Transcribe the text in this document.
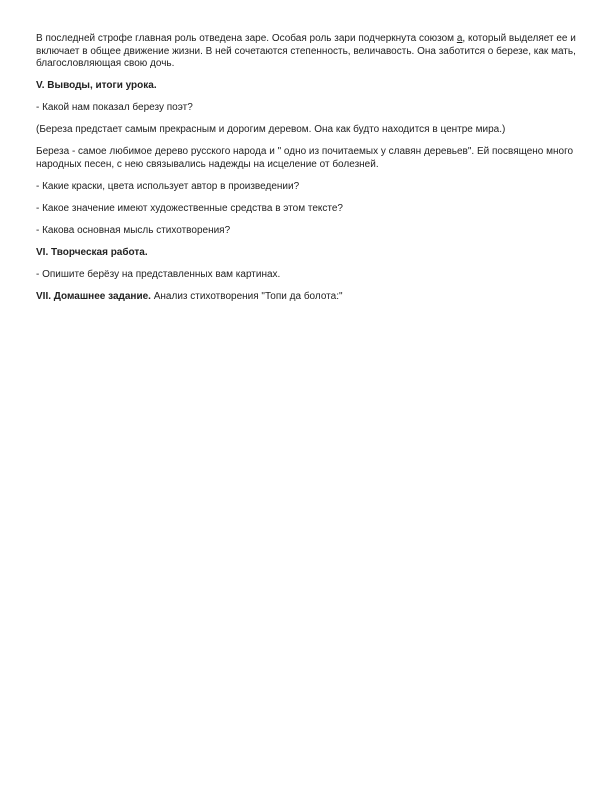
В последней строфе главная роль отведена заре. Особая роль зари подчеркнута союзом а, который выделяет ее и включает в общее движение жизни. В ней сочетаются степенность, величавость. Она заботится о березе, как мать, благословляющая свою дочь.

V. Выводы, итоги урока.

- Какой нам показал березу поэт?

(Береза предстает самым прекрасным и дорогим деревом. Она как будто находится в центре мира.)

Береза - самое любимое дерево русского народа и " одно из почитаемых у славян деревьев". Ей посвящено много народных песен, с нею связывались надежды на исцеление от болезней.

- Какие краски, цвета использует автор в произведении?

- Какое значение имеют художественные средства в этом тексте?

- Какова основная мысль стихотворения?

VI. Творческая работа.

- Опишите берёзу на представленных вам картинах.

VII. Домашнее задание. Анализ стихотворения "Топи да болота:"
